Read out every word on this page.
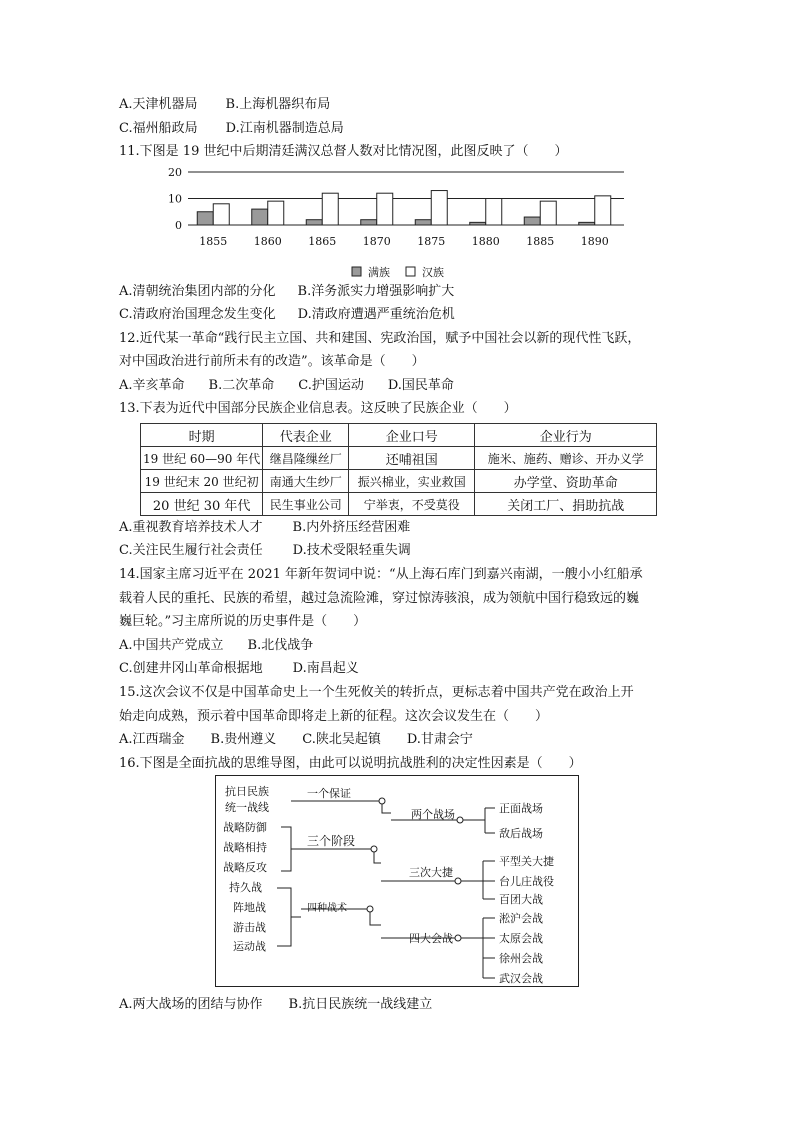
A.天津机器局 B.上海机器织布局
C.福州船政局 D.江南机器制造总局
11.下图是 19 世纪中后期清廷满汉总督人数对比情况图，此图反映了（　　）
0
10
20
1855 1860 1865 1870 1875 1880 1885 1890
满族	汉族
A.清朝统治集团内部的分化 B.洋务派实力增强影响扩大
C.清政府治国理念发生变化 D.清政府遭遇严重统治危机
12.近代某一革命“践行民主立国、共和建国、宪政治国，赋予中国社会以新的现代性飞跃，
对中国政治进行前所未有的改造”。该革命是（　　）
A.辛亥革命 B.二次革命 C.护国运动 D.国民革命
13.下表为近代中国部分民族企业信息表。这反映了民族企业（　　）
时期	代表企业	企业口号	企业行为
19 世纪 60—90 年代	继昌隆缫丝厂	还哺祖国	施米、施药、赠诊、开办义学
19 世纪末 20 世纪初	南通大生纱厂	振兴棉业，实业救国	办学堂、资助革命
20 世纪 30 年代	民生事业公司	宁举衷，不受莫役	关闭工厂、捐助抗战
A.重视教育培养技术人才 B.内外挤压经营困难
C.关注民生履行社会责任 D.技术受限轻重失调
14.国家主席习近平在 2021 年新年贺词中说：“从上海石库门到嘉兴南湖，一艘小小红船承
载着人民的重托、民族的希望，越过急流险滩，穿过惊涛骇浪，成为领航中国行稳致远的巍
巍巨轮。”习主席所说的历史事件是（　　）
A.中国共产党成立 B.北伐战争
C.创建井冈山革命根据地 D.南昌起义
15.这次会议不仅是中国革命史上一个生死攸关的转折点，更标志着中国共产党在政治上开
始走向成熟，预示着中国革命即将走上新的征程。这次会议发生在（　　）
A.江西瑞金 B.贵州遵义 C.陕北吴起镇 D.甘肃会宁
16.下图是全面抗战的思维导图，由此可以说明抗战胜利的决定性因素是（　　）
抗日民族
统一战线
一个保证
两个战场	正面战场
敌后战场
战略防御
战略相持
战略反攻
三个阶段
三次大捷
平型关大捷
台儿庄战役
百团大战
持久战
阵地战
游击战
运动战
四种战术
四大会战
淞沪会战
太原会战
徐州会战
武汉会战
A.两大战场的团结与协作 B.抗日民族统一战线建立
